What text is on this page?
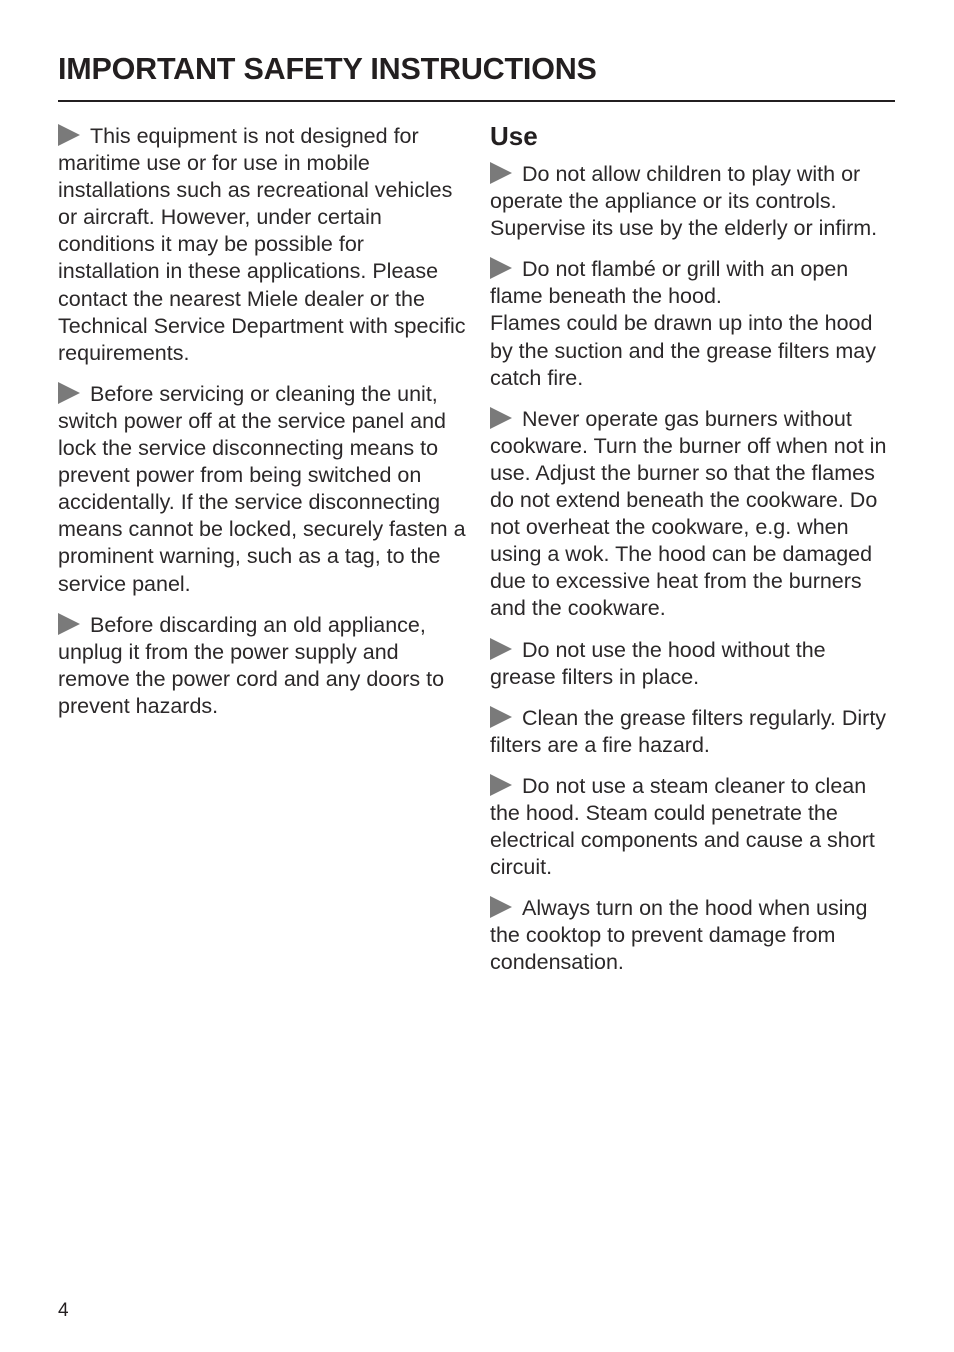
IMPORTANT SAFETY INSTRUCTIONS

This equipment is not designed for maritime use or for use in mobile installations such as recreational vehicles or aircraft. However, under certain conditions it may be possible for installation in these applications. Please contact the nearest Miele dealer or the Technical Service Department with specific requirements.

Before servicing or cleaning the unit, switch power off at the service panel and lock the service disconnecting means to prevent power from being switched on accidentally. If the service disconnecting means cannot be locked, securely fasten a prominent warning, such as a tag, to the service panel.

Before discarding an old appliance, unplug it from the power supply and remove the power cord and any doors to prevent hazards.

Use

Do not allow children to play with or operate the appliance or its controls. Supervise its use by the elderly or infirm.

Do not flambé or grill with an open flame beneath the hood.
Flames could be drawn up into the hood by the suction and the grease filters may catch fire.

Never operate gas burners without cookware. Turn the burner off when not in use. Adjust the burner so that the flames do not extend beneath the cookware. Do not overheat the cookware, e.g. when using a wok. The hood can be damaged due to excessive heat from the burners and the cookware.

Do not use the hood without the grease filters in place.

Clean the grease filters regularly. Dirty filters are a fire hazard.

Do not use a steam cleaner to clean the hood. Steam could penetrate the electrical components and cause a short circuit.

Always turn on the hood when using the cooktop to prevent damage from condensation.

4
